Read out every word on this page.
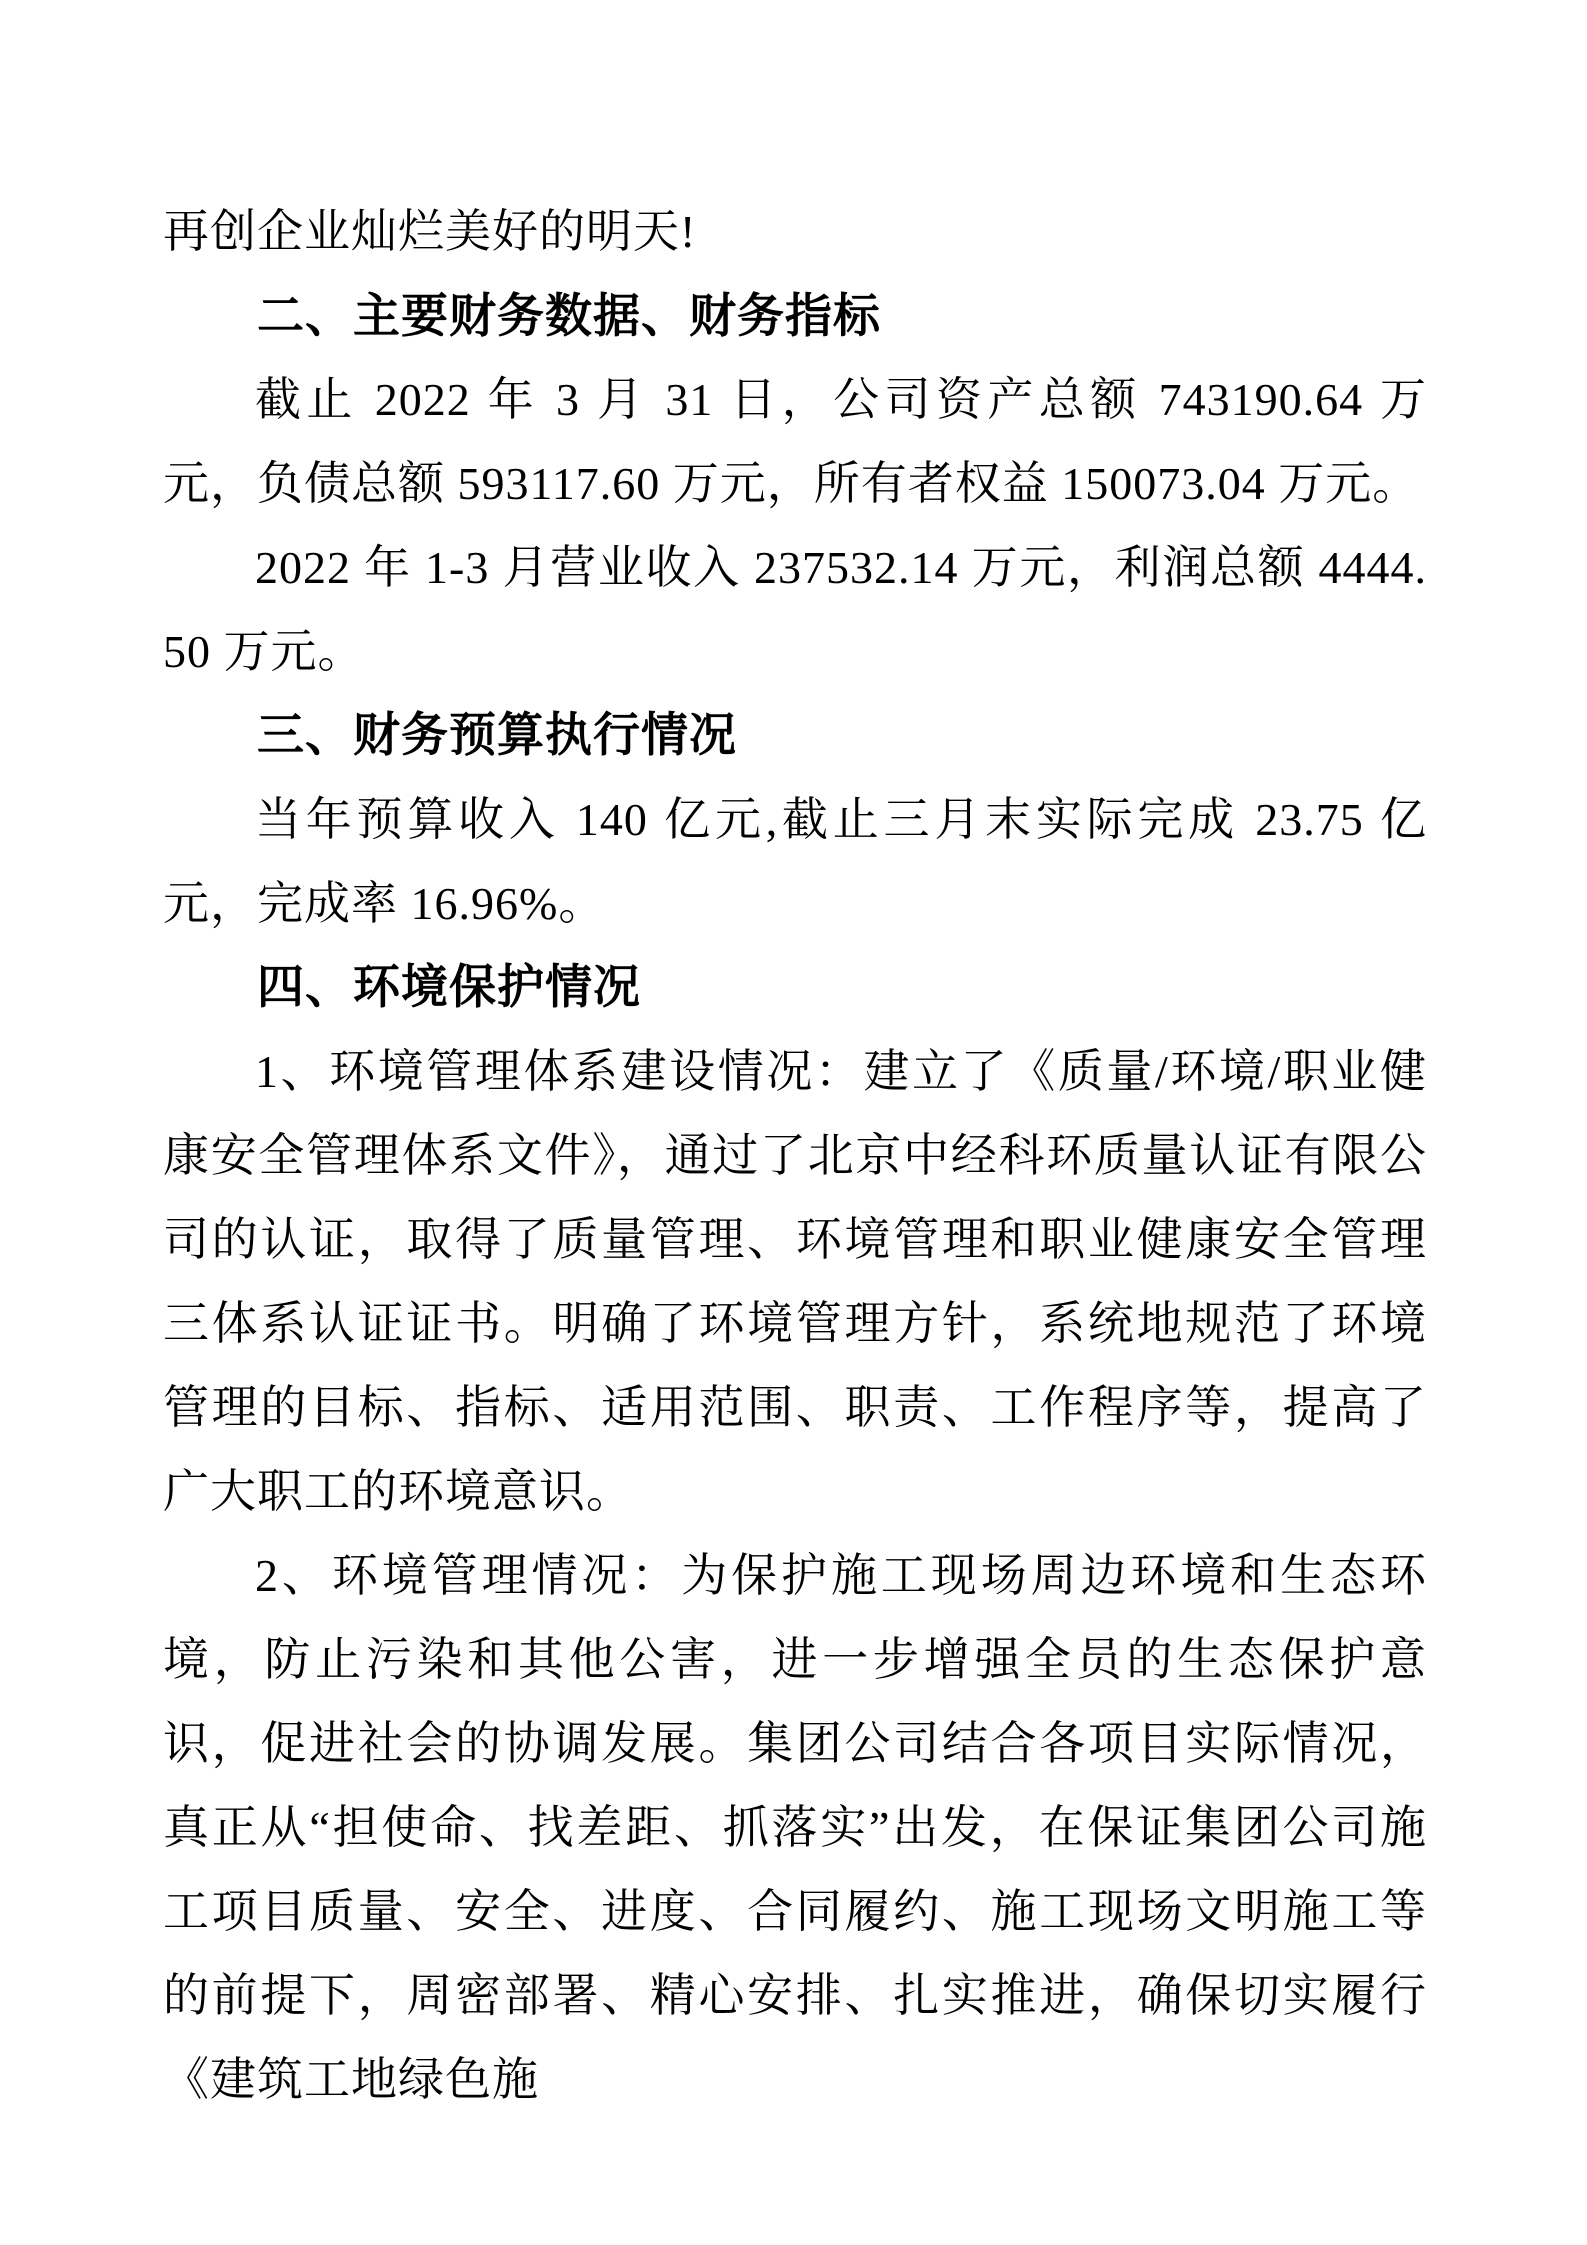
再创企业灿烂美好的明天!

二、主要财务数据、财务指标

截止 2022 年 3 月 31 日，公司资产总额 743190.64 万元，负债总额 593117.60 万元，所有者权益 150073.04 万元。

2022 年 1-3 月营业收入 237532.14 万元，利润总额 4444.50 万元。

三、财务预算执行情况

当年预算收入 140 亿元,截止三月末实际完成 23.75 亿元，完成率 16.96%。

四、环境保护情况

1、环境管理体系建设情况：建立了《质量/环境/职业健康安全管理体系文件》，通过了北京中经科环质量认证有限公司的认证，取得了质量管理、环境管理和职业健康安全管理三体系认证证书。明确了环境管理方针，系统地规范了环境管理的目标、指标、适用范围、职责、工作程序等，提高了广大职工的环境意识。

2、环境管理情况：为保护施工现场周边环境和生态环境，防止污染和其他公害，进一步增强全员的生态保护意识，促进社会的协调发展。集团公司结合各项目实际情况，真正从“担使命、找差距、抓落实”出发，在保证集团公司施工项目质量、安全、进度、合同履约、施工现场文明施工等的前提下，周密部署、精心安排、扎实推进，确保切实履行《建筑工地绿色施
